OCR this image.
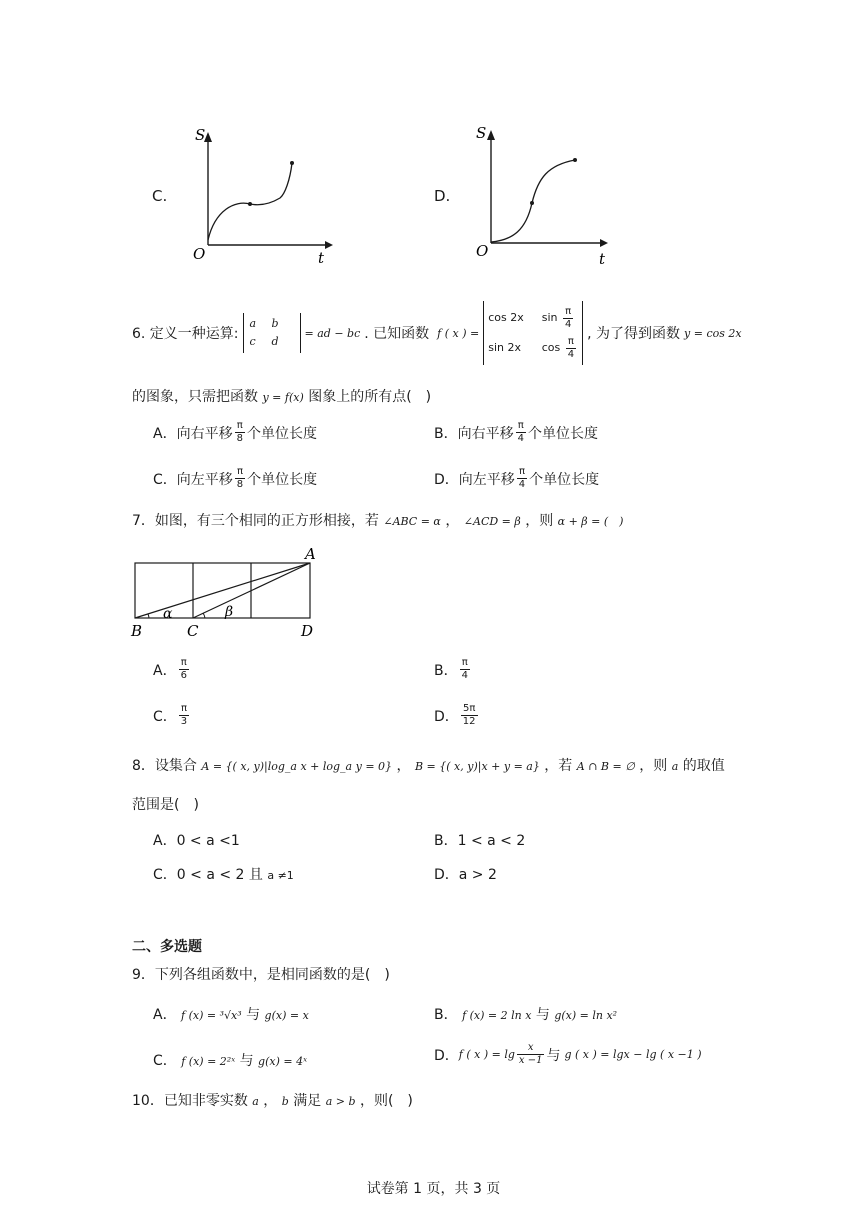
C.
S
t
O
D.
S
t
O
6. 定义一种运算:
a b
c d
= ad − bc . 已知函数 f ( x ) =
cos 2x $\sin \frac{\pi}{4}$
sin 2x $\cos \frac{\pi}{4}$
, 为了得到函数 y = cos 2x
的图象，只需把函数 y = f(x) 图象上的所有点(　)
A．向右平移 $\frac{\pi}{8}$ 个单位长度	B．向右平移 $\frac{\pi}{4}$ 个单位长度
C．向左平移 $\frac{\pi}{8}$ 个单位长度	D．向左平移 $\frac{\pi}{4}$ 个单位长度
7．如图，有三个相同的正方形相接，若 ∠ABC = α ， ∠ACD = β ，则 α + β = (　)
A
B	C	D
α	β
A． $\frac{\pi}{6}$	B． $\frac{\pi}{4}$
C． $\frac{\pi}{3}$	D． $\frac{5\pi}{12}$
8．设集合 A = {( x, y)|log_a x + log_a y = 0} ， B = {( x, y)|x + y = a} ，若 A ∩ B = ∅ ，则 a 的取值
范围是(　)
A．0 < a <1	B．1 < a < 2
C．0 < a < 2 且 a ≠1	D．a > 2
二、多选题
9．下列各组函数中，是相同函数的是(　)
A． f (x) = ³√x³ 与 g(x) = x	B． f (x) = 2 ln x 与 g(x) = ln x²
C． f (x) = 2²ˣ 与 g(x) = 4ˣ	D． f ( x ) = $\lg \frac{x}{x -1}$ 与 g ( x ) = lgx − lg ( x −1 )
10．已知非零实数 a ， b 满足 a > b ，则(　)
试卷第 1 页，共 3 页
